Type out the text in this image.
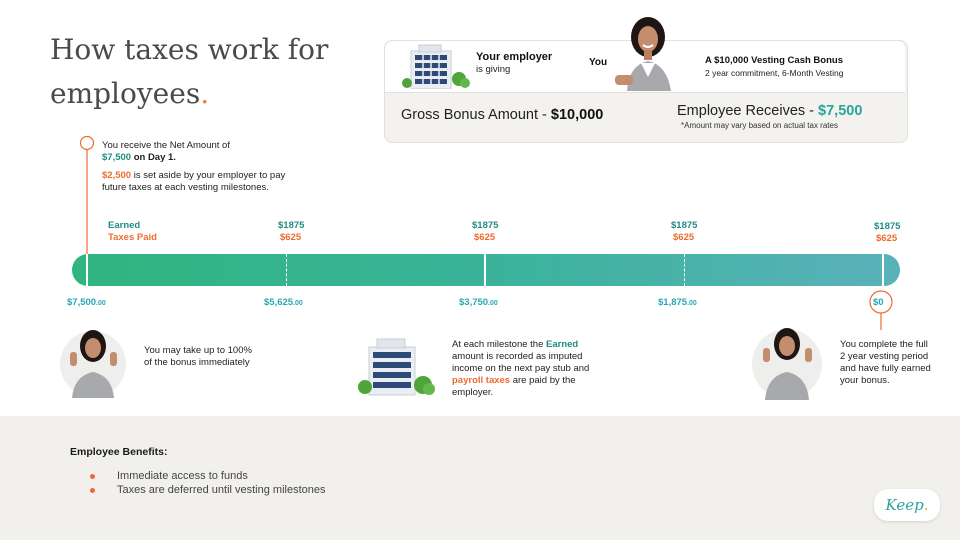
How taxes work for employees.
Your employer
is giving
You	A $10,000 Vesting Cash Bonus
2 year commitment, 6-Month Vesting
Gross Bonus Amount - $10,000	Employee Receives - $7,500
*Amount may vary based on actual tax rates
You receive the Net Amount of
$7,500 on Day 1.
$2,500 is set aside by your employer to pay future taxes at each vesting milestones.
Earned
Taxes Paid
$1875
$625
$1875
$625
$1875
$625
$1875
$625
$7,500.00	$5,625.00	$3,750.00	$1,875.00	$0
You may take up to 100% of the bonus immediately
At each milestone the Earned amount is recorded as imputed income on the next pay stub and payroll taxes are paid by the employer.
You complete the full 2 year vesting period and have fully earned your bonus.
Employee Benefits:
Immediate access to funds
Taxes are deferred until vesting milestones
Keep.
